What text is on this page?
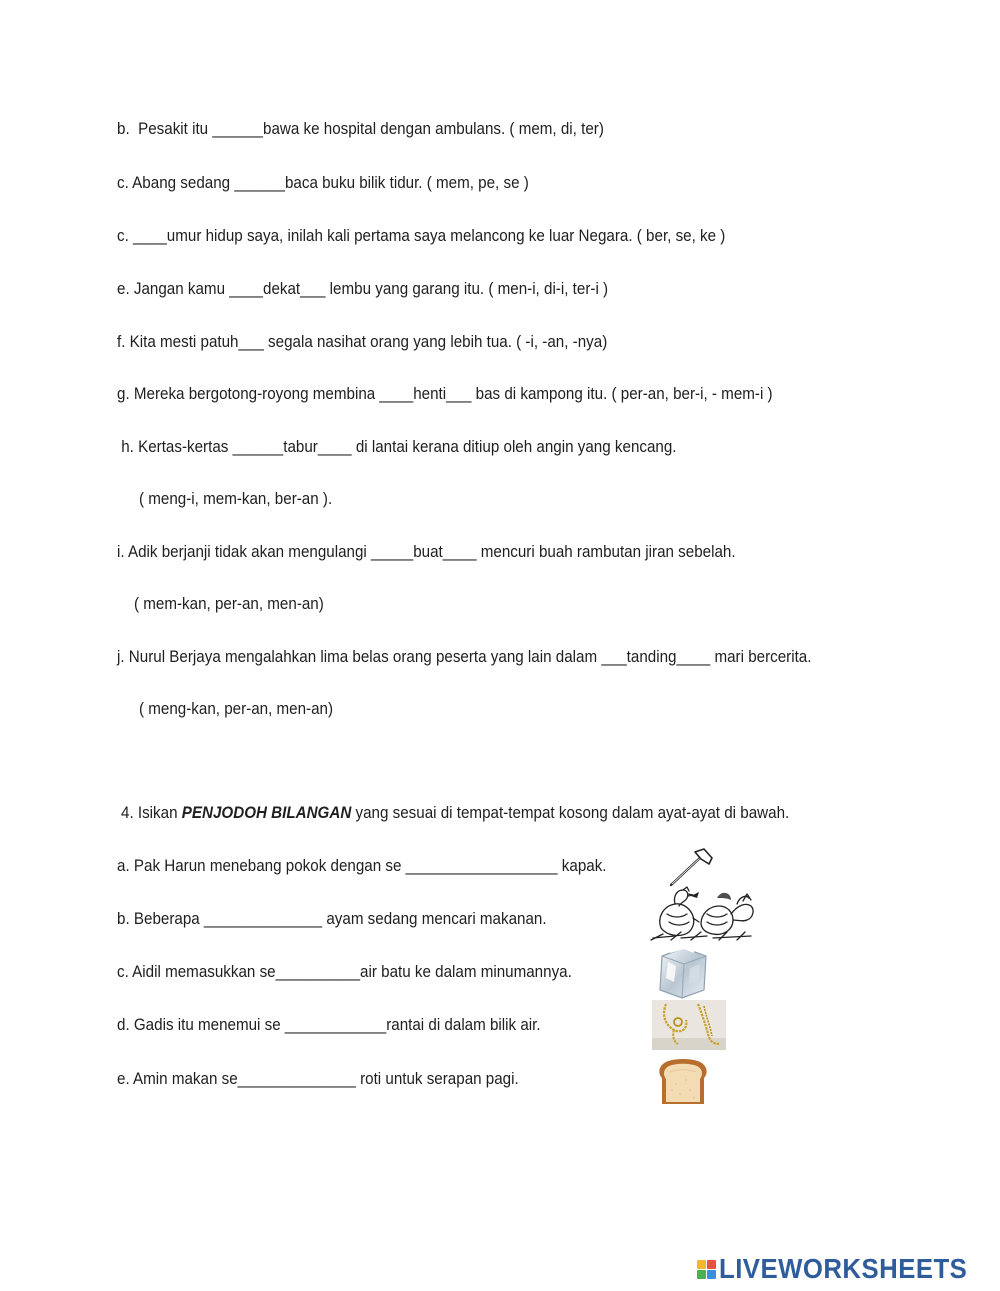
b.  Pesakit itu ______bawa ke hospital dengan ambulans. ( mem, di, ter)
c. Abang sedang ______baca buku bilik tidur. ( mem, pe, se )
c. ____umur hidup saya, inilah kali pertama saya melancong ke luar Negara. ( ber, se, ke )
e. Jangan kamu ____dekat___ lembu yang garang itu. ( men-i, di-i, ter-i )
f. Kita mesti patuh___ segala nasihat orang yang lebih tua. ( -i, -an, -nya)
g. Mereka bergotong-royong membina ____henti___ bas di kampong itu. ( per-an, ber-i, - mem-i )
h. Kertas-kertas ______tabur____ di lantai kerana ditiup oleh angin yang kencang.
( meng-i, mem-kan, ber-an ).
i. Adik berjanji tidak akan mengulangi _____buat____ mencuri buah rambutan jiran sebelah.
( mem-kan, per-an, men-an)
j. Nurul Berjaya mengalahkan lima belas orang peserta yang lain dalam ___tanding____ mari bercerita.
( meng-kan, per-an, men-an)
4. Isikan PENJODOH BILANGAN yang sesuai di tempat-tempat kosong dalam ayat-ayat di bawah.
a. Pak Harun menebang pokok dengan se __________________ kapak.
b. Beberapa ______________ ayam sedang mencari makanan.
c. Aidil memasukkan se__________air batu ke dalam minumannya.
d. Gadis itu menemui se ____________rantai di dalam bilik air.
e. Amin makan se______________ roti untuk serapan pagi.
LIVEWORKSHEETS
